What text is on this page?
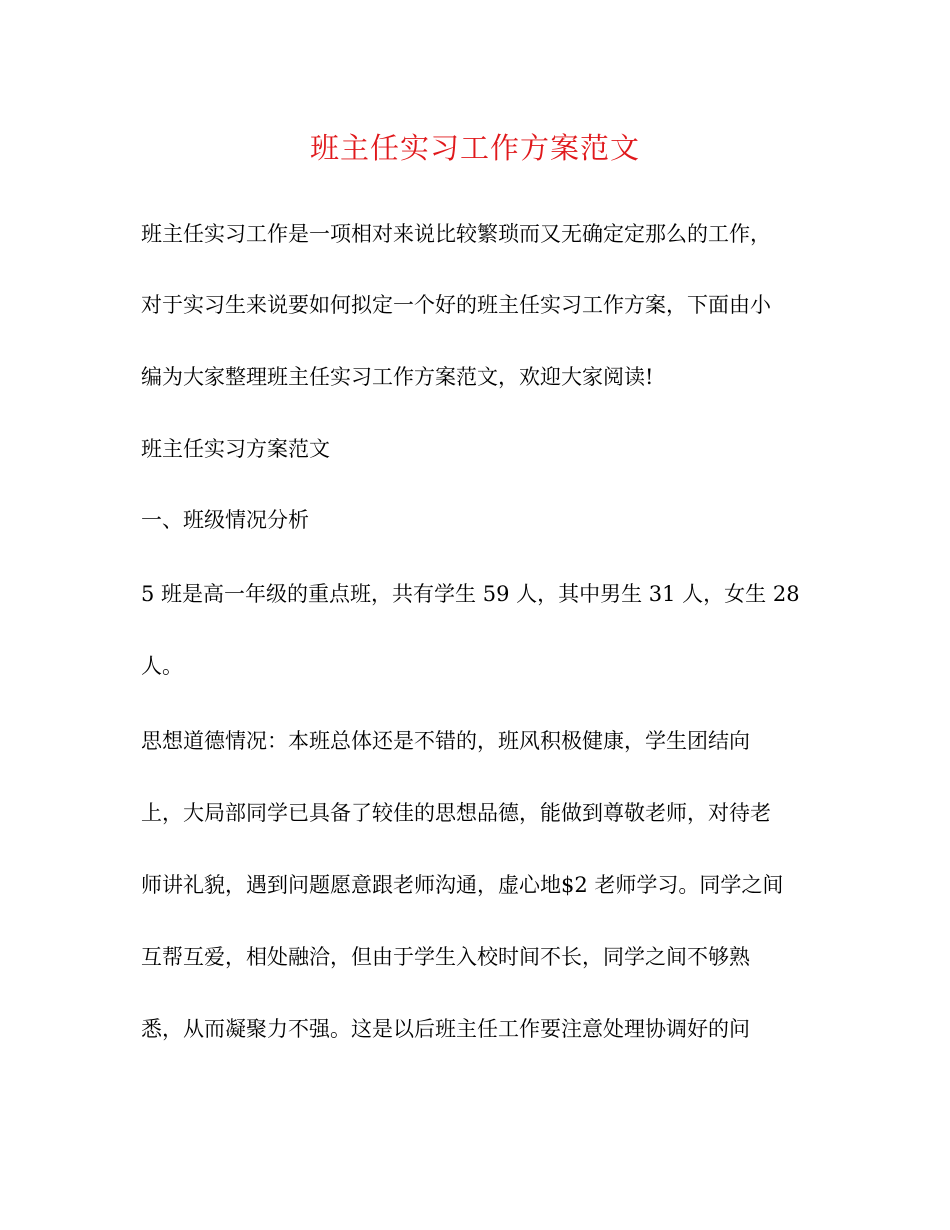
班主任实习工作方案范文

班主任实习工作是一项相对来说比较繁琐而又无确定定那么的工作，

对于实习生来说要如何拟定一个好的班主任实习工作方案，下面由小

编为大家整理班主任实习工作方案范文，欢迎大家阅读!

班主任实习方案范文

一、班级情况分析

5 班是高一年级的重点班，共有学生 59 人，其中男生 31 人，女生 28

人。

思想道德情况：本班总体还是不错的，班风积极健康，学生团结向

上，大局部同学已具备了较佳的思想品德，能做到尊敬老师，对待老

师讲礼貌，遇到问题愿意跟老师沟通，虚心地$2 老师学习。同学之间

互帮互爱，相处融洽，但由于学生入校时间不长，同学之间不够熟

悉，从而凝聚力不强。这是以后班主任工作要注意处理协调好的问
